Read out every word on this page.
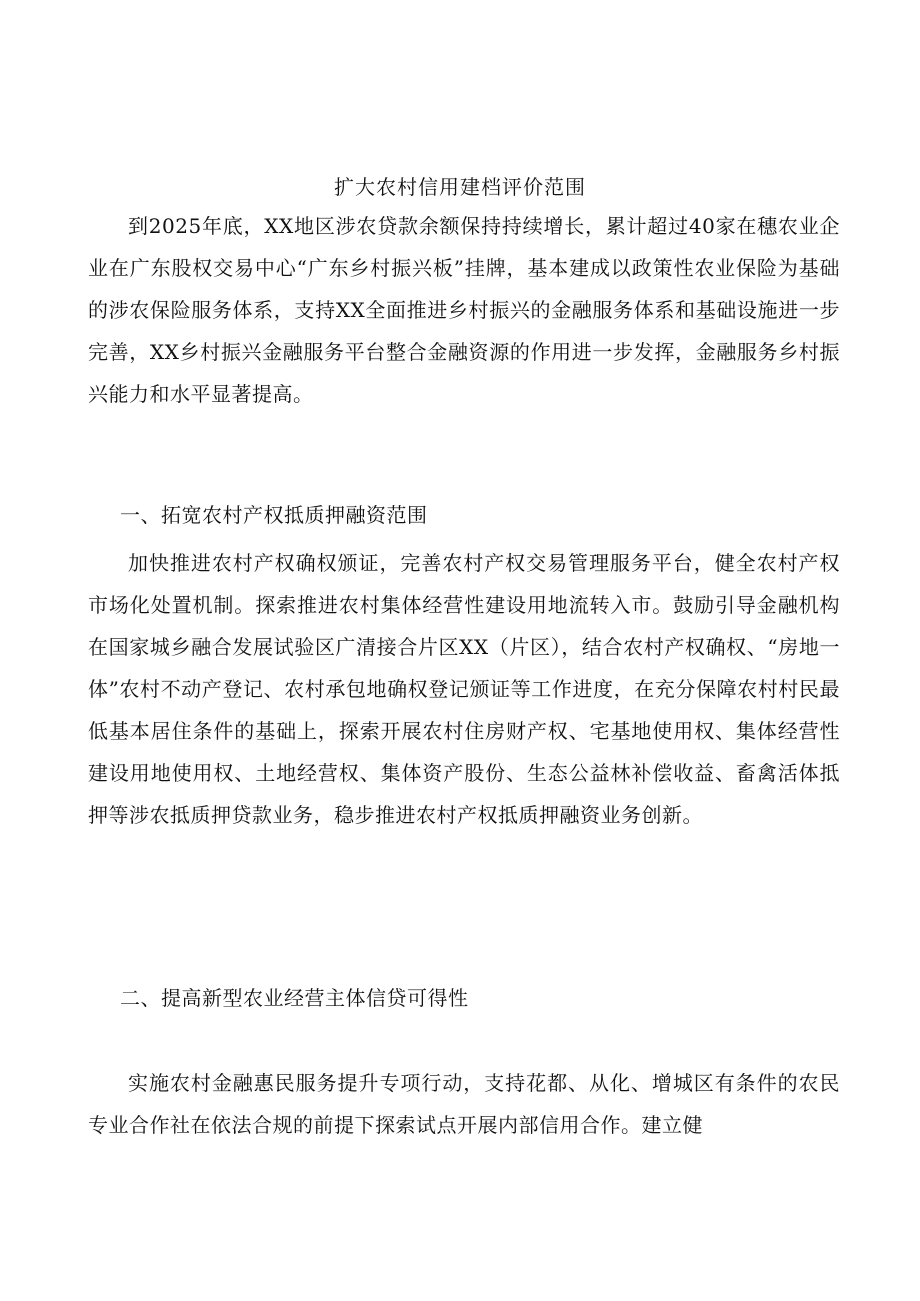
扩大农村信用建档评价范围

到2025年底，XX地区涉农贷款余额保持持续增长，累计超过40家在穗农业企业在广东股权交易中心“广东乡村振兴板”挂牌，基本建成以政策性农业保险为基础的涉农保险服务体系，支持XX全面推进乡村振兴的金融服务体系和基础设施进一步完善，XX乡村振兴金融服务平台整合金融资源的作用进一步发挥，金融服务乡村振兴能力和水平显著提高。

一、拓宽农村产权抵质押融资范围

加快推进农村产权确权颁证，完善农村产权交易管理服务平台，健全农村产权市场化处置机制。探索推进农村集体经营性建设用地流转入市。鼓励引导金融机构在国家城乡融合发展试验区广清接合片区XX（片区），结合农村产权确权、“房地一体”农村不动产登记、农村承包地确权登记颁证等工作进度，在充分保障农村村民最低基本居住条件的基础上，探索开展农村住房财产权、宅基地使用权、集体经营性建设用地使用权、土地经营权、集体资产股份、生态公益林补偿收益、畜禽活体抵押等涉农抵质押贷款业务，稳步推进农村产权抵质押融资业务创新。

二、提高新型农业经营主体信贷可得性

实施农村金融惠民服务提升专项行动，支持花都、从化、增城区有条件的农民专业合作社在依法合规的前提下探索试点开展内部信用合作。建立健
